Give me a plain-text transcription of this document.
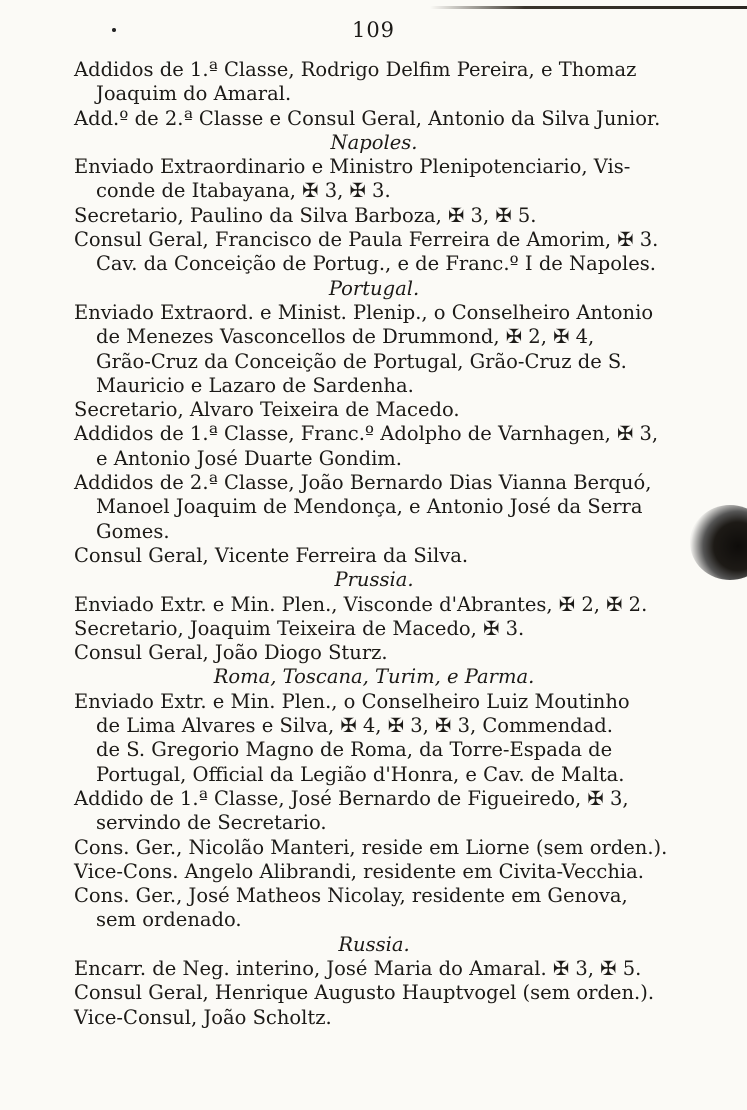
109
Addidos de 1.ª Classe, Rodrigo Delfim Pereira, e Thomaz
Joaquim do Amaral.
Add.º de 2.ª Classe e Consul Geral, Antonio da Silva Junior.
Napoles.
Enviado Extraordinario e Ministro Plenipotenciario, Vis-
conde de Itabayana, ✠ 3, ✠ 3.
Secretario, Paulino da Silva Barboza, ✠ 3, ✠ 5.
Consul Geral, Francisco de Paula Ferreira de Amorim, ✠ 3.
Cav. da Conceição de Portug., e de Franc.º I de Napoles.
Portugal.
Enviado Extraord. e Minist. Plenip., o Conselheiro Antonio
de Menezes Vasconcellos de Drummond, ✠ 2, ✠ 4,
Grão-Cruz da Conceição de Portugal, Grão-Cruz de S.
Mauricio e Lazaro de Sardenha.
Secretario, Alvaro Teixeira de Macedo.
Addidos de 1.ª Classe, Franc.º Adolpho de Varnhagen, ✠ 3,
e Antonio José Duarte Gondim.
Addidos de 2.ª Classe, João Bernardo Dias Vianna Berquó,
Manoel Joaquim de Mendonça, e Antonio José da Serra
Gomes.
Consul Geral, Vicente Ferreira da Silva.
Prussia.
Enviado Extr. e Min. Plen., Visconde d'Abrantes, ✠ 2, ✠ 2.
Secretario, Joaquim Teixeira de Macedo, ✠ 3.
Consul Geral, João Diogo Sturz.
Roma, Toscana, Turim, e Parma.
Enviado Extr. e Min. Plen., o Conselheiro Luiz Moutinho
de Lima Alvares e Silva, ✠ 4, ✠ 3, ✠ 3, Commendad.
de S. Gregorio Magno de Roma, da Torre-Espada de
Portugal, Official da Legião d'Honra, e Cav. de Malta.
Addido de 1.ª Classe, José Bernardo de Figueiredo, ✠ 3,
servindo de Secretario.
Cons. Ger., Nicolão Manteri, reside em Liorne (sem orden.).
Vice-Cons. Angelo Alibrandi, residente em Civita-Vecchia.
Cons. Ger., José Matheos Nicolay, residente em Genova,
sem ordenado.
Russia.
Encarr. de Neg. interino, José Maria do Amaral. ✠ 3, ✠ 5.
Consul Geral, Henrique Augusto Hauptvogel (sem orden.).
Vice-Consul, João Scholtz.
